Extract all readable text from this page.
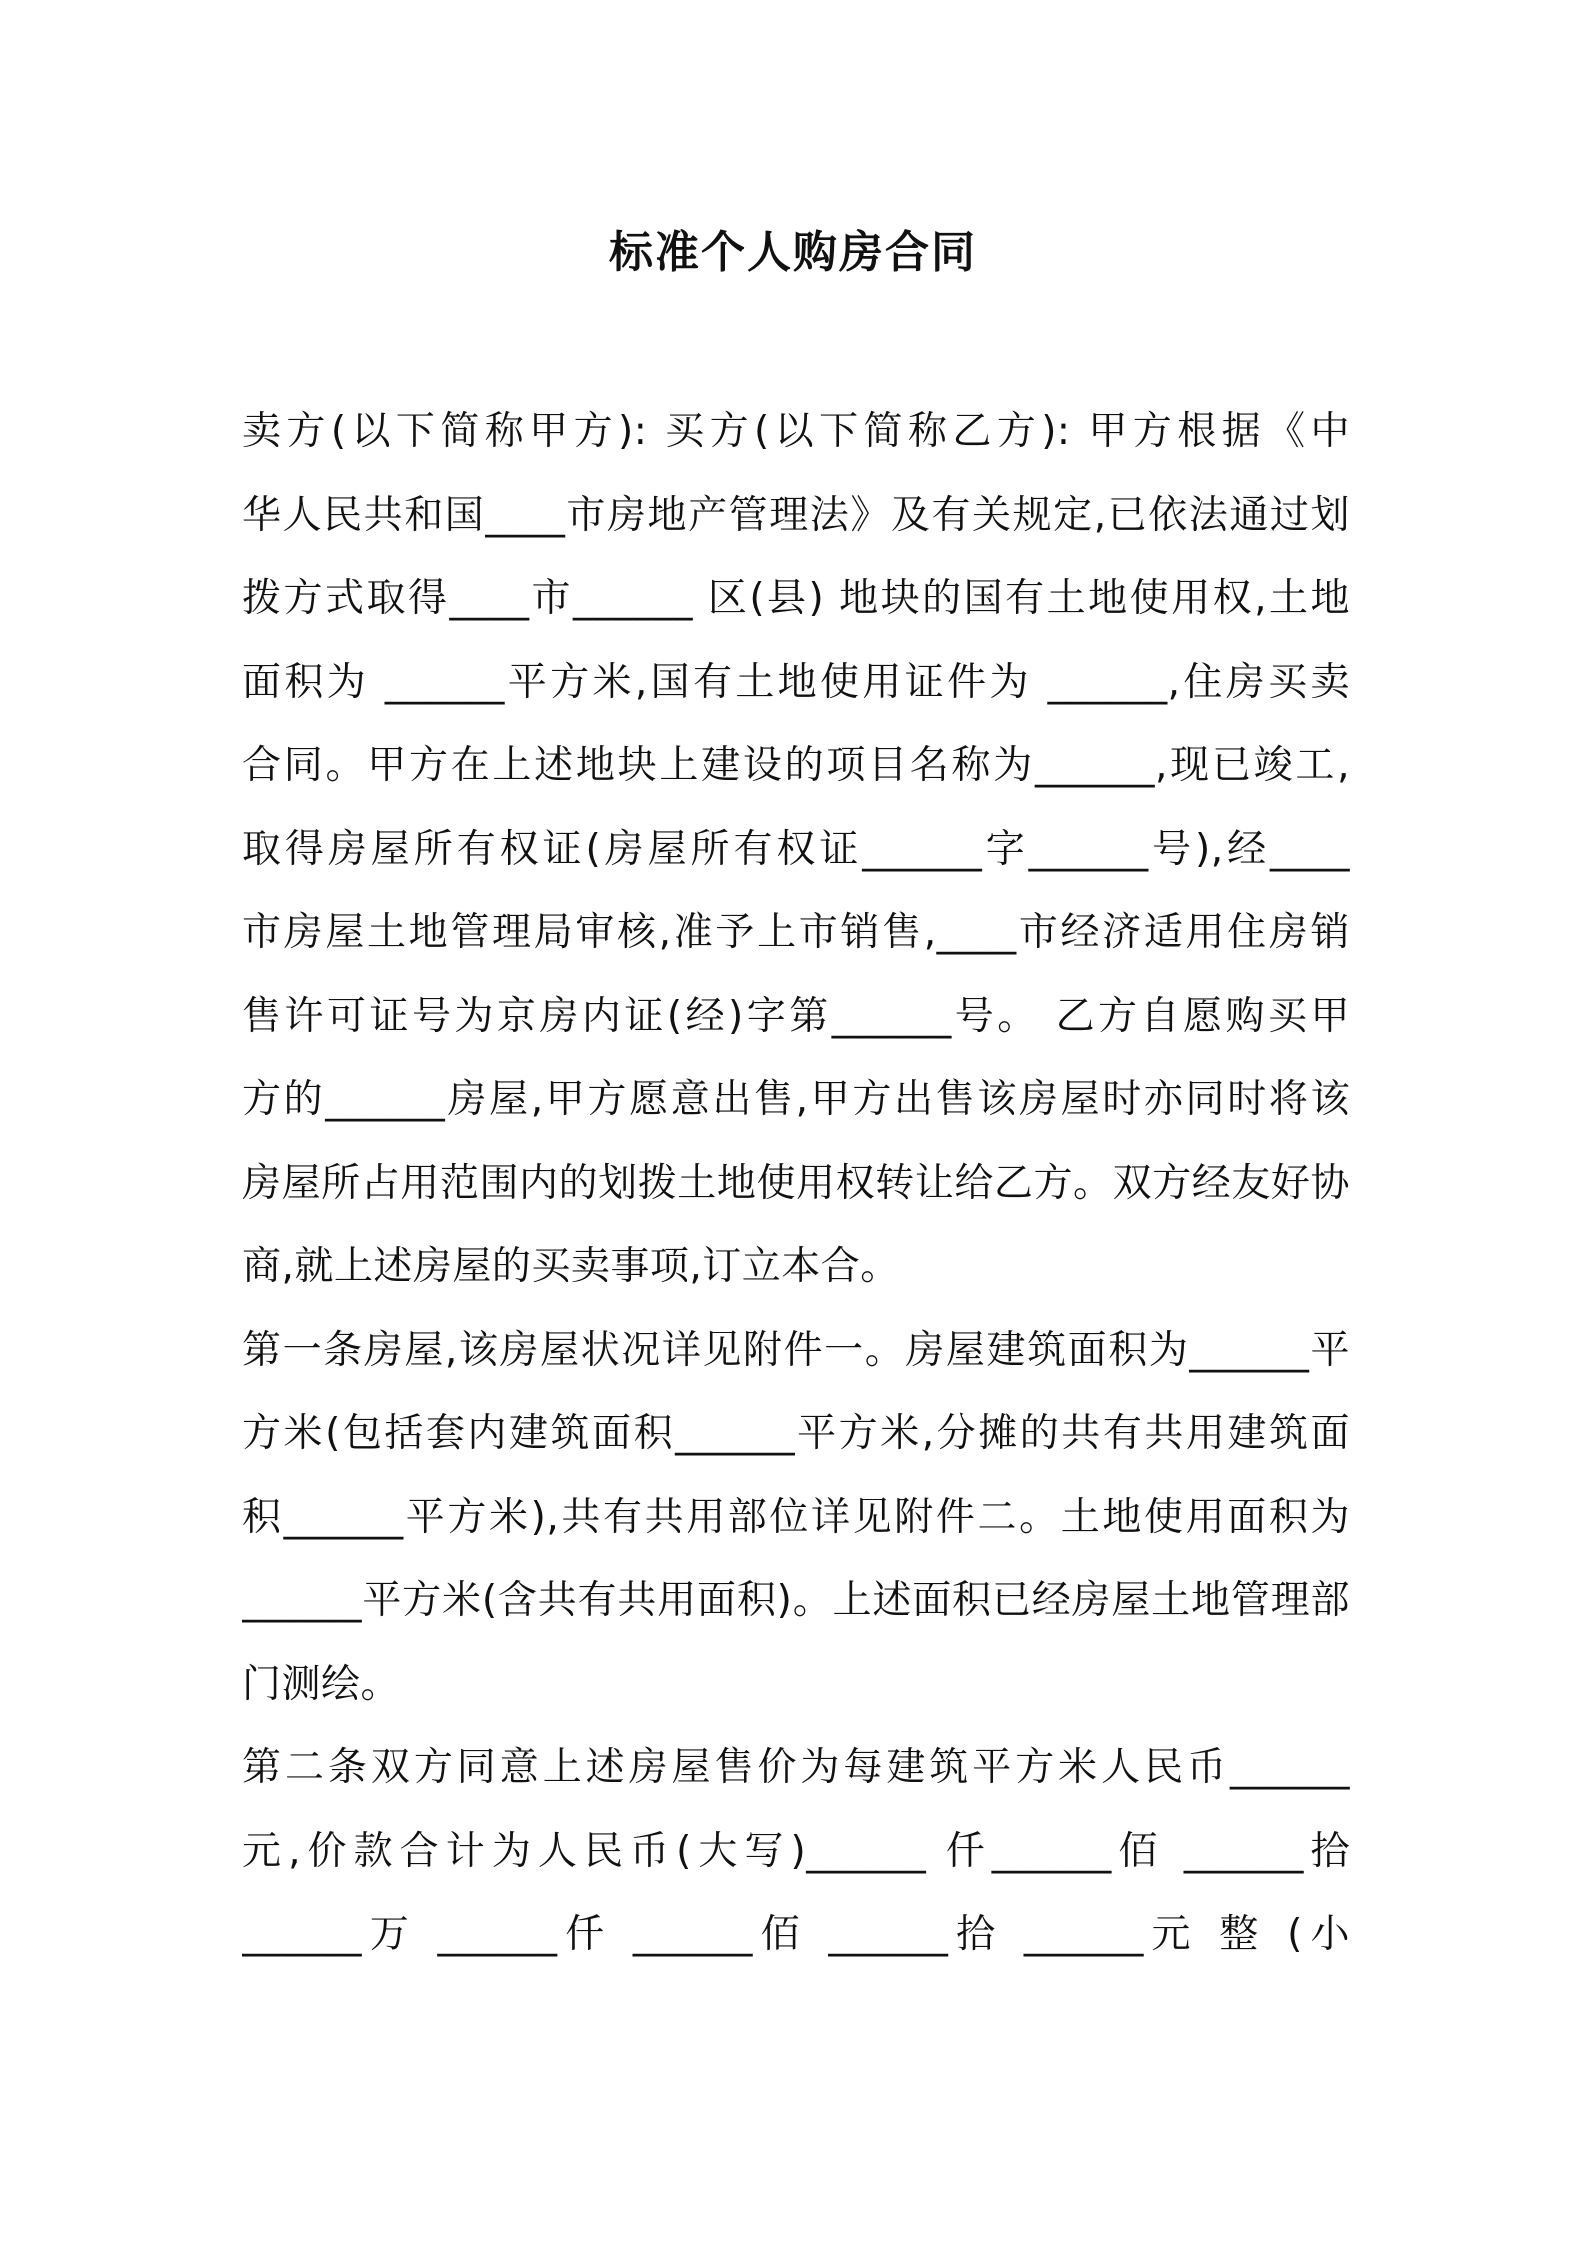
标准个人购房合同
卖方(以下简称甲方): 买方(以下简称乙方): 甲方根据《中
华人民共和国____市房地产管理法》及有关规定,已依法通过划
拨方式取得____市______ 区(县) 地块的国有土地使用权,土地
面积为 ______平方米,国有土地使用证件为 ______,住房买卖
合同。甲方在上述地块上建设的项目名称为______,现已竣工,
取得房屋所有权证(房屋所有权证______字______号),经____
市房屋土地管理局审核,准予上市销售,____市经济适用住房销
售许可证号为京房内证(经)字第______号。 乙方自愿购买甲
方的______房屋,甲方愿意出售,甲方出售该房屋时亦同时将该
房屋所占用范围内的划拨土地使用权转让给乙方。双方经友好协
商,就上述房屋的买卖事项,订立本合。
第一条房屋,该房屋状况详见附件一。房屋建筑面积为______平
方米(包括套内建筑面积______平方米,分摊的共有共用建筑面
积______平方米),共有共用部位详见附件二。土地使用面积为
______平方米(含共有共用面积)。上述面积已经房屋土地管理部
门测绘。
第二条双方同意上述房屋售价为每建筑平方米人民币______
元,价款合计为人民币(大写)______ 仟______佰 ______拾
______万 ______仟 ______佰 ______拾 ______元 整 (小
